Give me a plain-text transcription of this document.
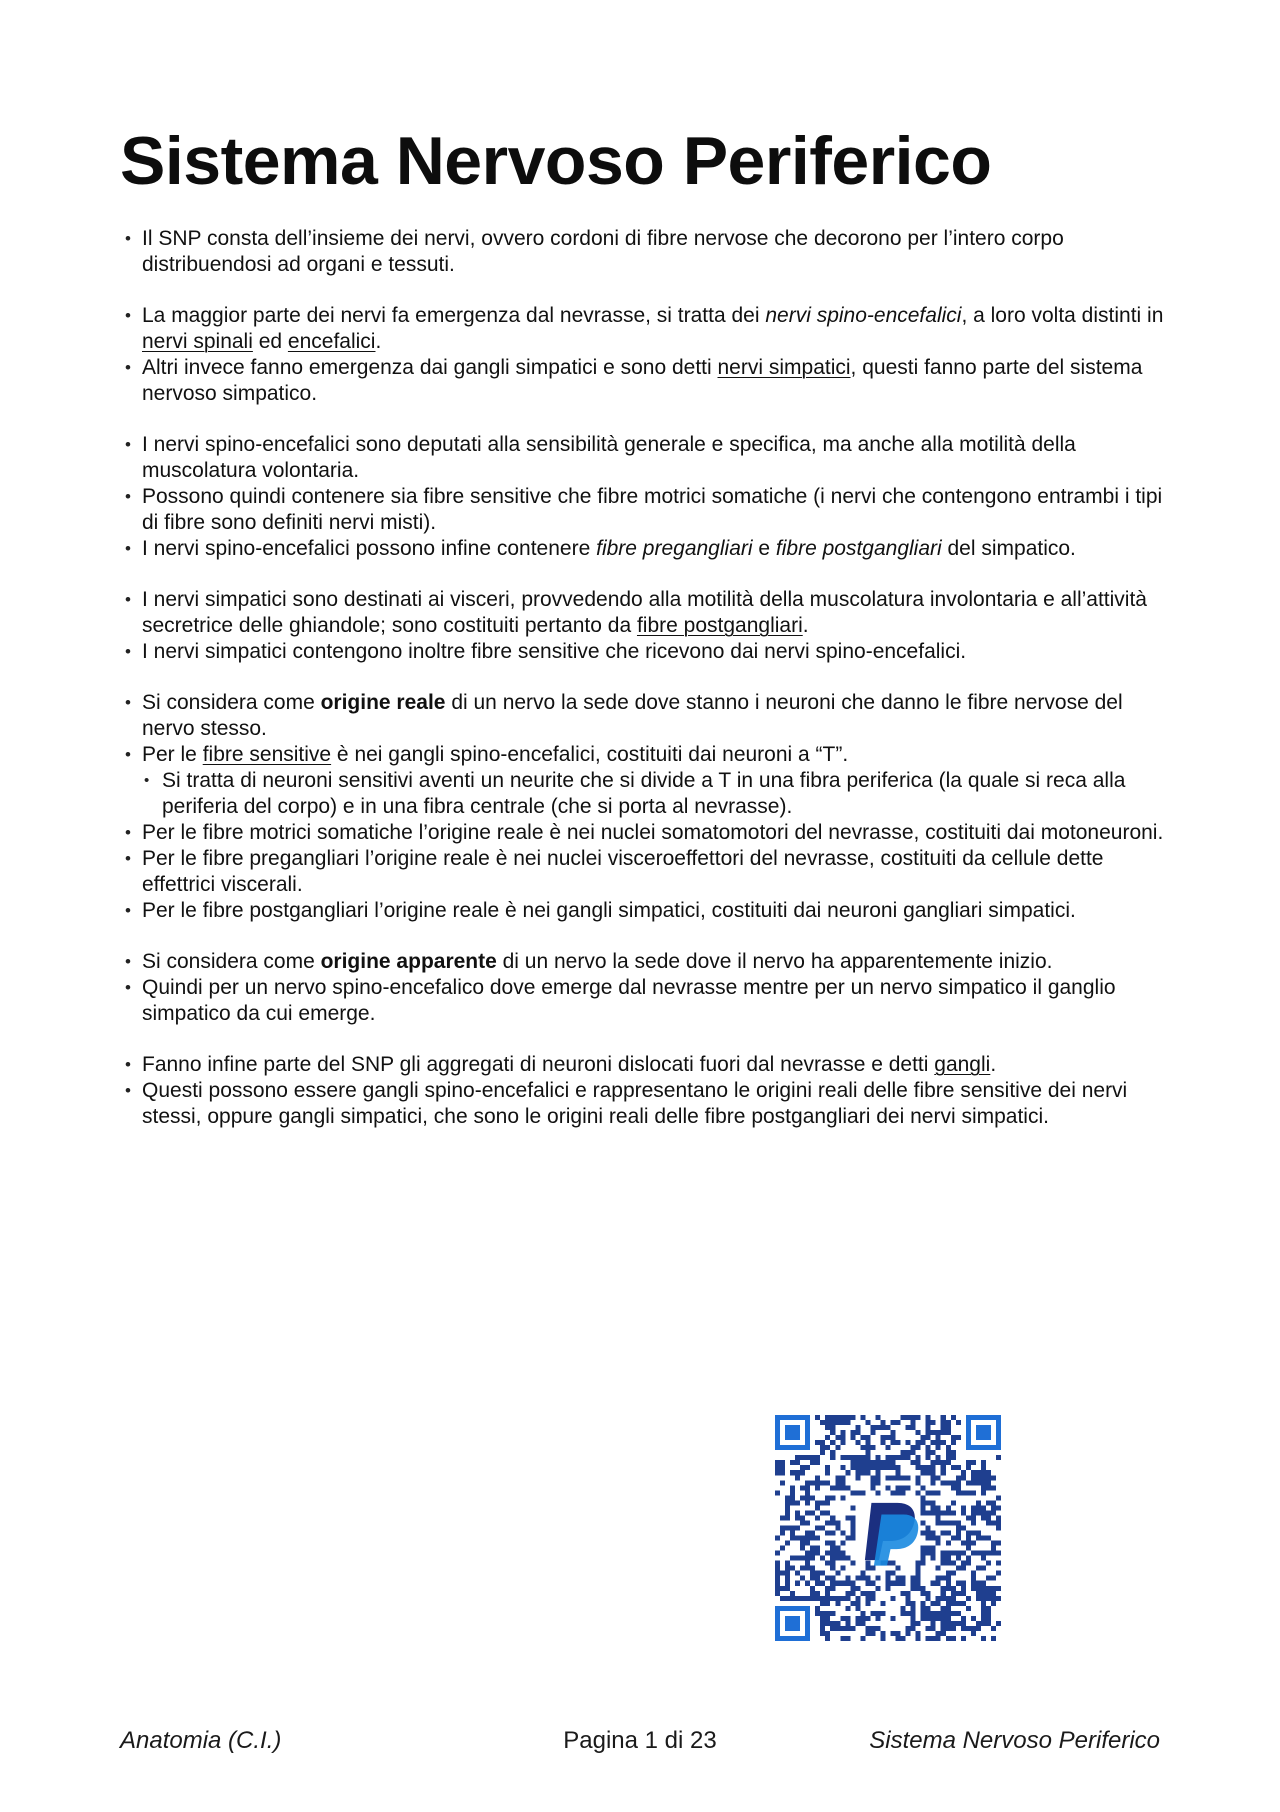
Sistema Nervoso Periferico
• Il SNP consta dell’insieme dei nervi, ovvero cordoni di fibre nervose che decorono per l’intero corpo distribuendosi ad organi e tessuti.
• La maggior parte dei nervi fa emergenza dal nevrasse, si tratta dei nervi spino-encefalici, a loro volta distinti in nervi spinali ed encefalici.
• Altri invece fanno emergenza dai gangli simpatici e sono detti nervi simpatici, questi fanno parte del sistema nervoso simpatico.
• I nervi spino-encefalici sono deputati alla sensibilità generale e specifica, ma anche alla motilità della muscolatura volontaria.
• Possono quindi contenere sia fibre sensitive che fibre motrici somatiche (i nervi che contengono entrambi i tipi di fibre sono definiti nervi misti).
• I nervi spino-encefalici possono infine contenere fibre pregangliari e fibre postgangliari del simpatico.
• I nervi simpatici sono destinati ai visceri, provvedendo alla motilità della muscolatura involontaria e all’attività secretrice delle ghiandole; sono costituiti pertanto da fibre postgangliari.
• I nervi simpatici contengono inoltre fibre sensitive che ricevono dai nervi spino-encefalici.
• Si considera come origine reale di un nervo la sede dove stanno i neuroni che danno le fibre nervose del nervo stesso.
• Per le fibre sensitive è nei gangli spino-encefalici, costituiti dai neuroni a “T”.
• Si tratta di neuroni sensitivi aventi un neurite che si divide a T in una fibra periferica (la quale si reca alla periferia del corpo) e in una fibra centrale (che si porta al nevrasse).
• Per le fibre motrici somatiche l’origine reale è nei nuclei somatomotori del nevrasse, costituiti dai motoneuroni.
• Per le fibre pregangliari l’origine reale è nei nuclei visceroeffettori del nevrasse, costituiti da cellule dette effettrici viscerali.
• Per le fibre postgangliari l’origine reale è nei gangli simpatici, costituiti dai neuroni gangliari simpatici.
• Si considera come origine apparente di un nervo la sede dove il nervo ha apparentemente inizio.
• Quindi per un nervo spino-encefalico dove emerge dal nevrasse mentre per un nervo simpatico il ganglio simpatico da cui emerge.
• Fanno infine parte del SNP gli aggregati di neuroni dislocati fuori dal nevrasse e detti gangli.
• Questi possono essere gangli spino-encefalici e rappresentano le origini reali delle fibre sensitive dei nervi stessi, oppure gangli simpatici, che sono le origini reali delle fibre postgangliari dei nervi simpatici.
Anatomia (C.I.)	Pagina 1 di 23	Sistema Nervoso Periferico
